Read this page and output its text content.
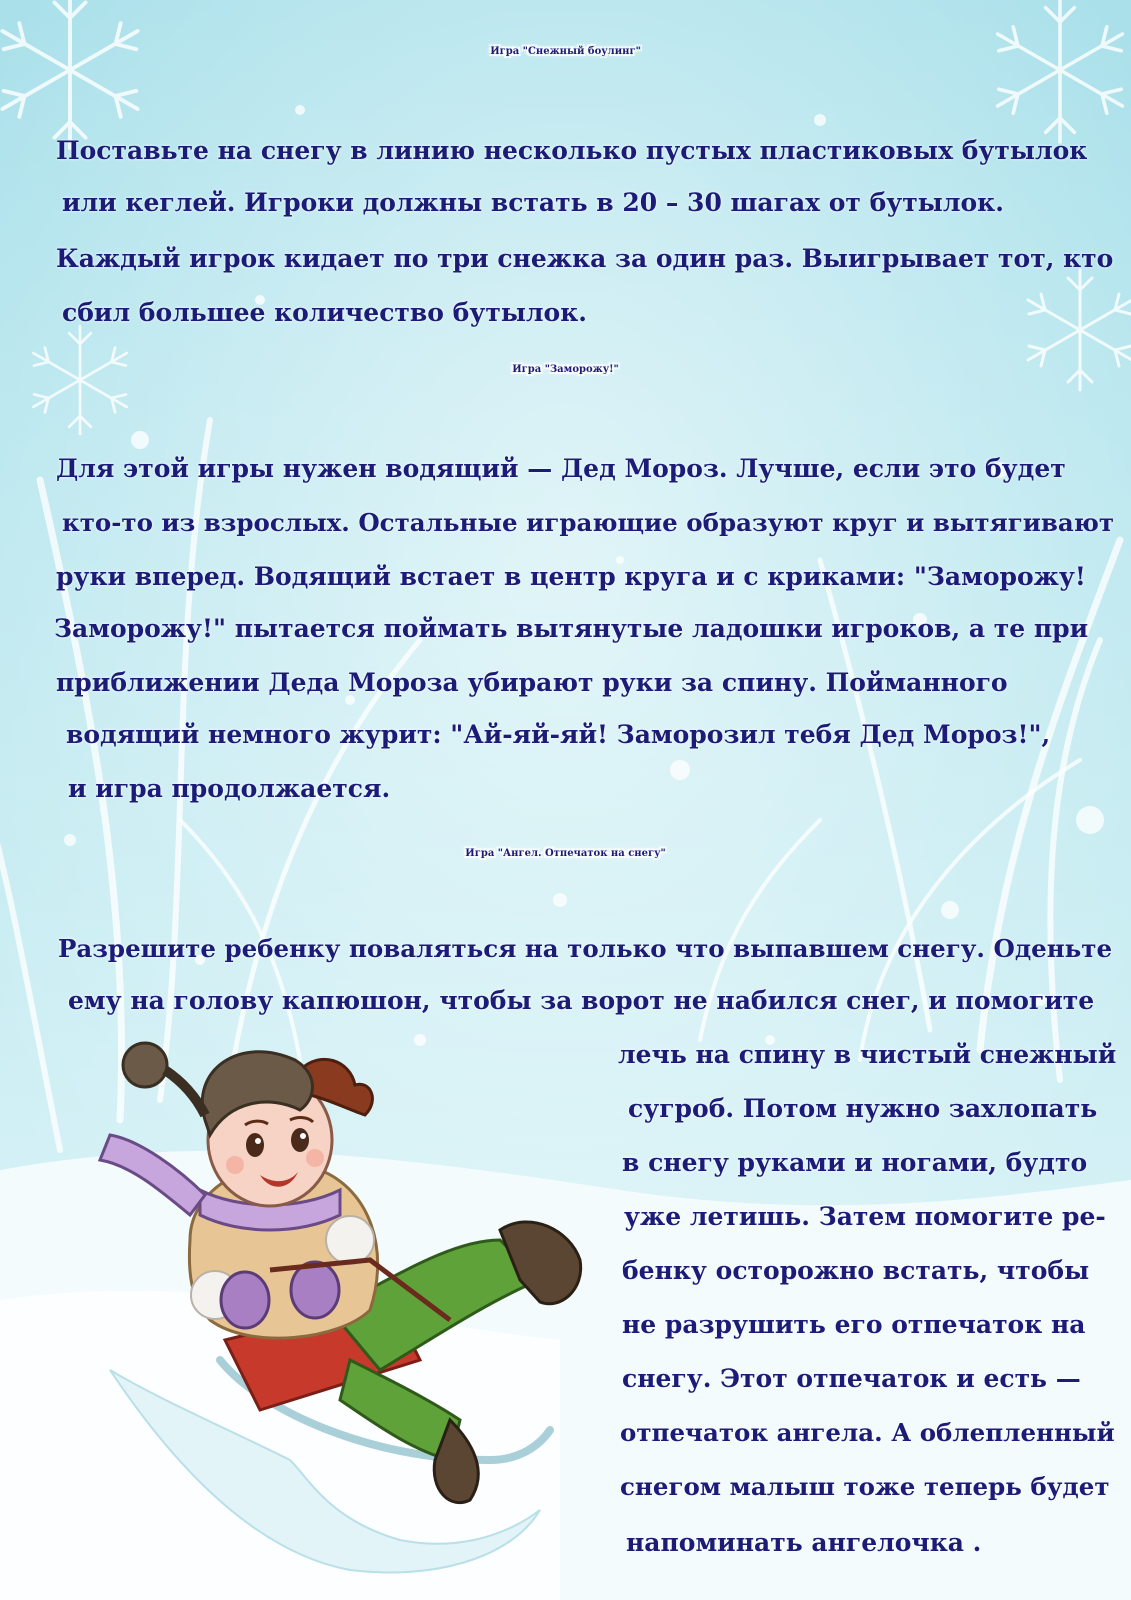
Игра "Снежный боулинг"
Поставьте на снегу в линию несколько пустых пластиковых бутылок
или кеглей. Игроки должны встать в 20 – 30 шагах от бутылок.
Каждый игрок кидает по три снежка за один раз. Выигрывает тот, кто
сбил большее количество бутылок.
Игра "Заморожу!"
Для этой игры нужен водящий — Дед Мороз. Лучше, если это будет
кто-то из взрослых. Остальные играющие образуют круг и вытягивают
руки вперед. Водящий встает в центр круга и с криками: "Заморожу!
Заморожу!" пытается поймать вытянутые ладошки игроков, а те при
приближении Деда Мороза убирают руки за спину. Пойманного
водящий немного журит: "Ай-яй-яй! Заморозил тебя Дед Мороз!",
и игра продолжается.
Игра "Ангел. Отпечаток на снегу"
Разрешите ребенку поваляться на только что выпавшем снегу. Оденьте
ему на голову капюшон, чтобы за ворот не набился снег, и помогите
лечь на спину в чистый снежный
сугроб. Потом нужно захлопать
в снегу руками и ногами, будто
уже летишь. Затем помогите ре-
бенку осторожно встать, чтобы
не разрушить его отпечаток на
снегу. Этот отпечаток и есть —
отпечаток ангела. А облепленный
снегом малыш тоже теперь будет
напоминать ангелочка .
